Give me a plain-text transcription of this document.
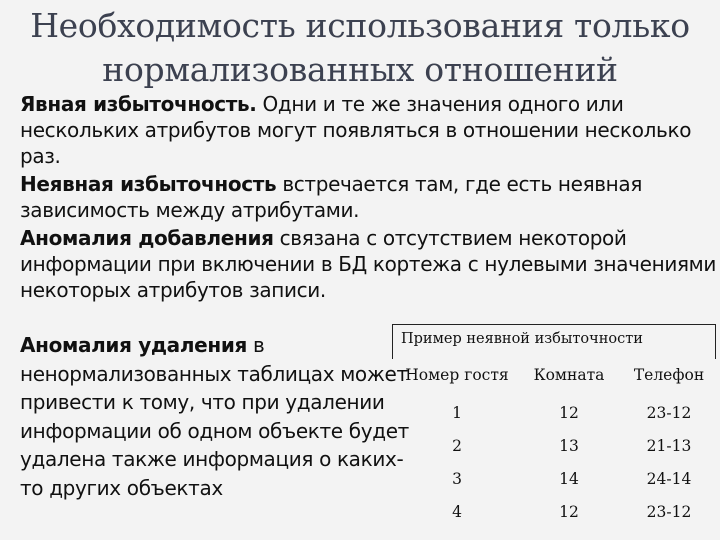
Необходимость использования только
нормализованных отношений

Явная избыточность. Одни и те же значения одного или нескольких атрибутов могут появляться в отношении несколько раз.

Неявная избыточность встречается там, где есть неявная зависимость между атрибутами.

Аномалия добавления связана с отсутствием некоторой информации при включении в БД кортежа с нулевыми значениями некоторых атрибутов записи.

Аномалия удаления в ненормализованных таблицах может привести к тому, что при удалении информации об одном объекте будет удалена также информация о каких-то других объектах
Пример неявной избыточности
Номер гостя	Комната	Телефон
1	12	23-12
2	13	21-13
3	14	24-14
4	12	23-12
